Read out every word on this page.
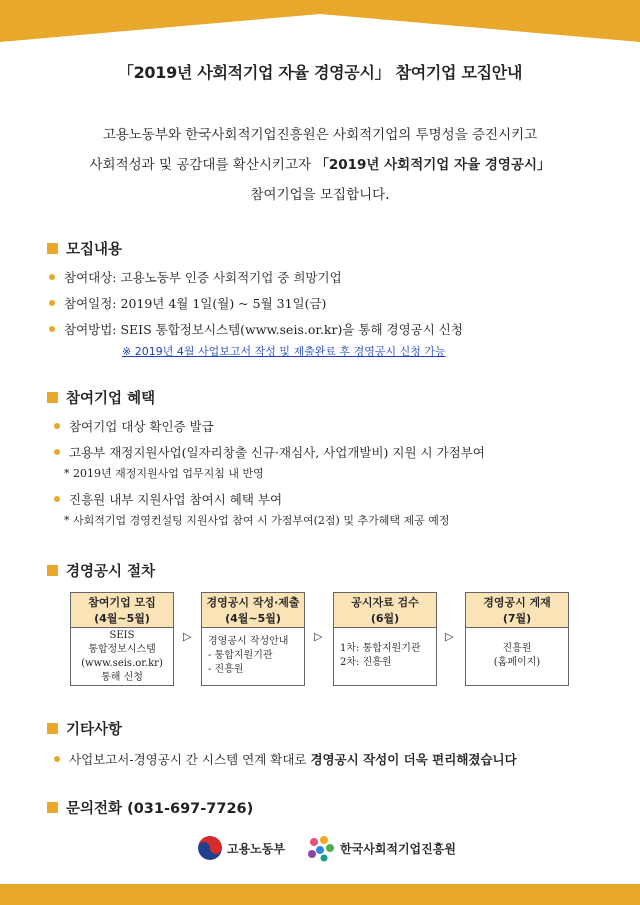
「2019년 사회적기업 자율 경영공시」 참여기업 모집안내
고용노동부와 한국사회적기업진흥원은 사회적기업의 투명성을 증진시키고
사회적성과 및 공감대를 확산시키고자 「2019년 사회적기업 자율 경영공시」
참여기업을 모집합니다.
모집내용
참여대상: 고용노동부 인증 사회적기업 중 희망기업
참여일정: 2019년 4월 1일(월) ~ 5월 31일(금)
참여방법: SEIS 통합정보시스템(www.seis.or.kr)을 통해 경영공시 신청
※ 2019년 4월 사업보고서 작성 및 제출완료 후 경영공시 신청 가능
참여기업 혜택
참여기업 대상 확인증 발급
고용부 재정지원사업(일자리창출 신규·재심사, 사업개발비) 지원 시 가점부여
* 2019년 재정지원사업 업무지침 내 반영
진흥원 내부 지원사업 참여시 혜택 부여
* 사회적기업 경영컨설팅 지원사업 참여 시 가점부여(2점) 및 추가혜택 제공 예정
경영공시 절차
참여기업 모집
(4월~5월)
SEIS
통합정보시스템
(www.seis.or.kr)
통해 신청
▷
경영공시 작성·제출
(4월~5월)
경영공시 작성안내
- 통합지원기관
- 진흥원
▷
공시자료 검수
(6월)
1차: 통합지원기관
2차: 진흥원
▷
경영공시 게재
(7월)
진흥원
(홈페이지)
기타사항
사업보고서-경영공시 간 시스템 연계 확대로 경영공시 작성이 더욱 편리해졌습니다
문의전화 (031-697-7726)
고용노동부	한국사회적기업진흥원
